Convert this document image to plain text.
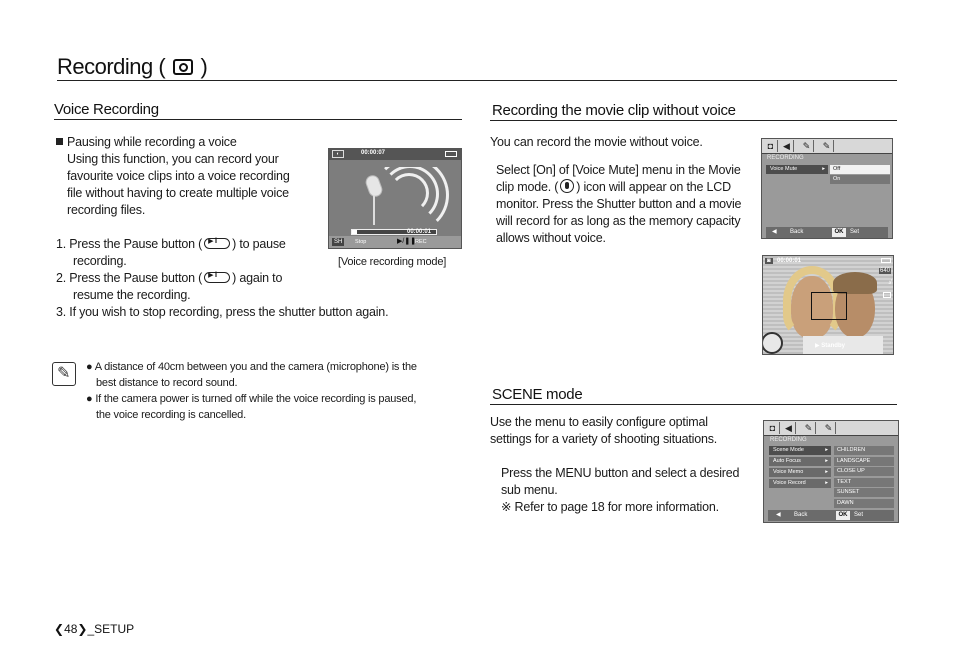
Recording ( )
Voice Recording
Pausing while recording a voice
Using this function, you can record your
favourite voice clips into a voice recording
file without having to create multiple voice
recording files.
1. Press the Pause button ( ▶ ‖ ) to pause
recording.
2. Press the Pause button ( ▶ ‖ ) again to
resume the recording.
3. If you wish to stop recording, press the shutter button again.
◐	00:00:07
00:00:01
SH	Stop	▶/❚❚
REC
[Voice recording mode]
✎
● A distance of 40cm between you and the camera (microphone) is the
best distance to record sound.
● If the camera power is turned off while the voice recording is paused,
the voice recording is cancelled.
Recording the movie clip without voice
You can record the movie without voice.
Select [On] of [Voice Mute] menu in the Movie
clip mode. ( ) icon will appear on the LCD
monitor. Press the Shutter button and a movie
will record for as long as the memory capacity
allows without voice.
◘	◀	✎	✎
RECORDING
Voice Mute	▸	Off
On
◀ Back	OK	Set
◙	00:00:01
640
♪̸
▶ Standby
SCENE mode
Use the menu to easily configure optimal
settings for a variety of shooting situations.
Press the MENU button and select a desired
sub menu.
※ Refer to page 18 for more information.
◘	◀	✎	✎
RECORDING
Scene Mode	▸
Auto Focus	▸
Voice Memo	▸
Voice Record	▸
CHILDREN
LANDSCAPE
CLOSE UP
TEXT
SUNSET
DAWN
◀ Back	OK	Set
❮48❯_SETUP
